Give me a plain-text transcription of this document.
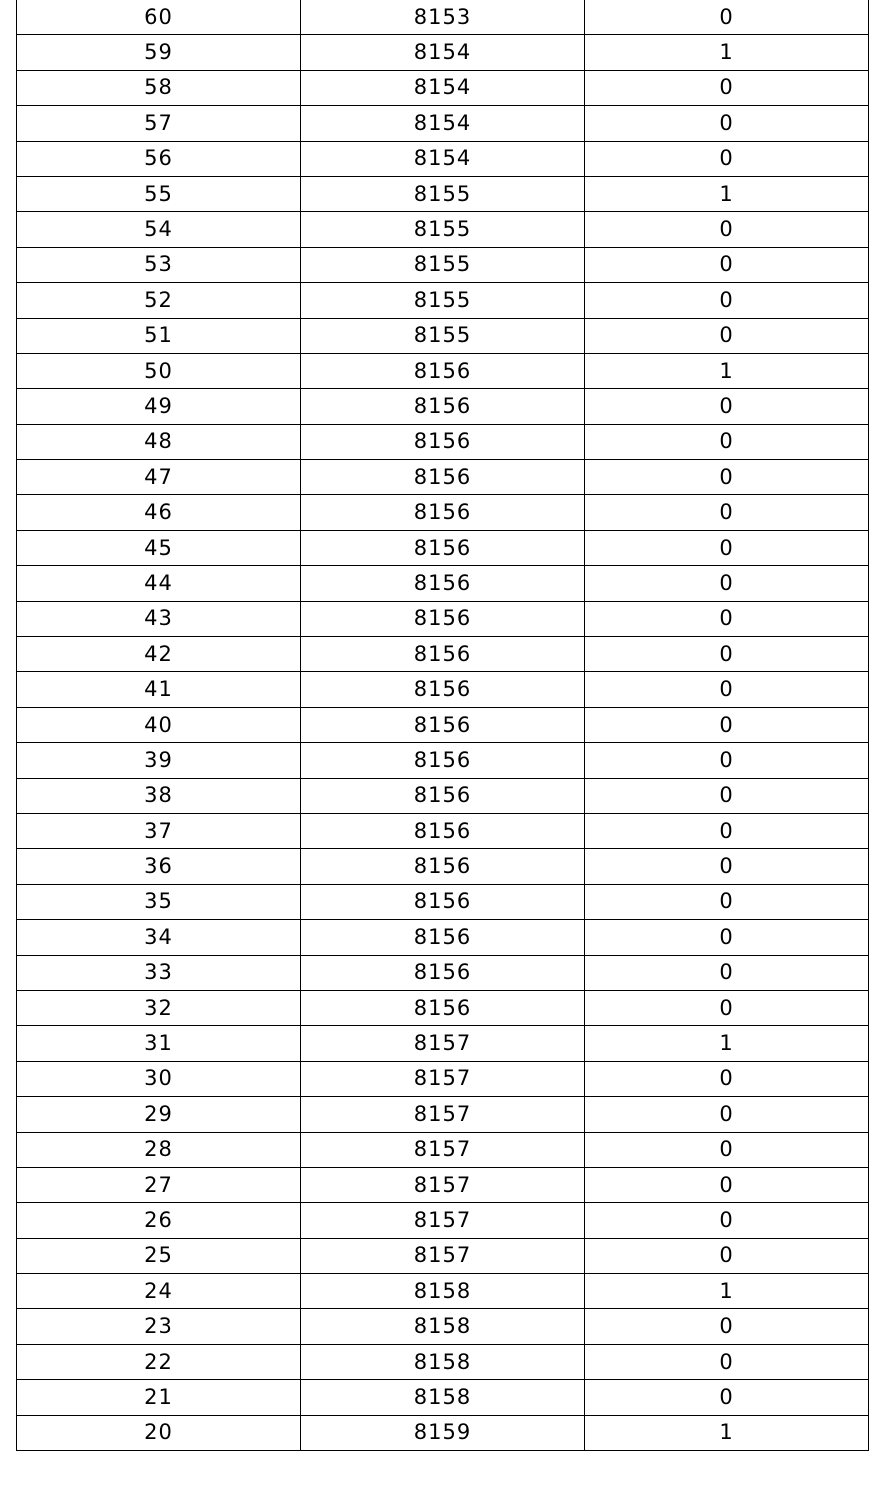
60	8153	0
59	8154	1
58	8154	0
57	8154	0
56	8154	0
55	8155	1
54	8155	0
53	8155	0
52	8155	0
51	8155	0
50	8156	1
49	8156	0
48	8156	0
47	8156	0
46	8156	0
45	8156	0
44	8156	0
43	8156	0
42	8156	0
41	8156	0
40	8156	0
39	8156	0
38	8156	0
37	8156	0
36	8156	0
35	8156	0
34	8156	0
33	8156	0
32	8156	0
31	8157	1
30	8157	0
29	8157	0
28	8157	0
27	8157	0
26	8157	0
25	8157	0
24	8158	1
23	8158	0
22	8158	0
21	8158	0
20	8159	1
